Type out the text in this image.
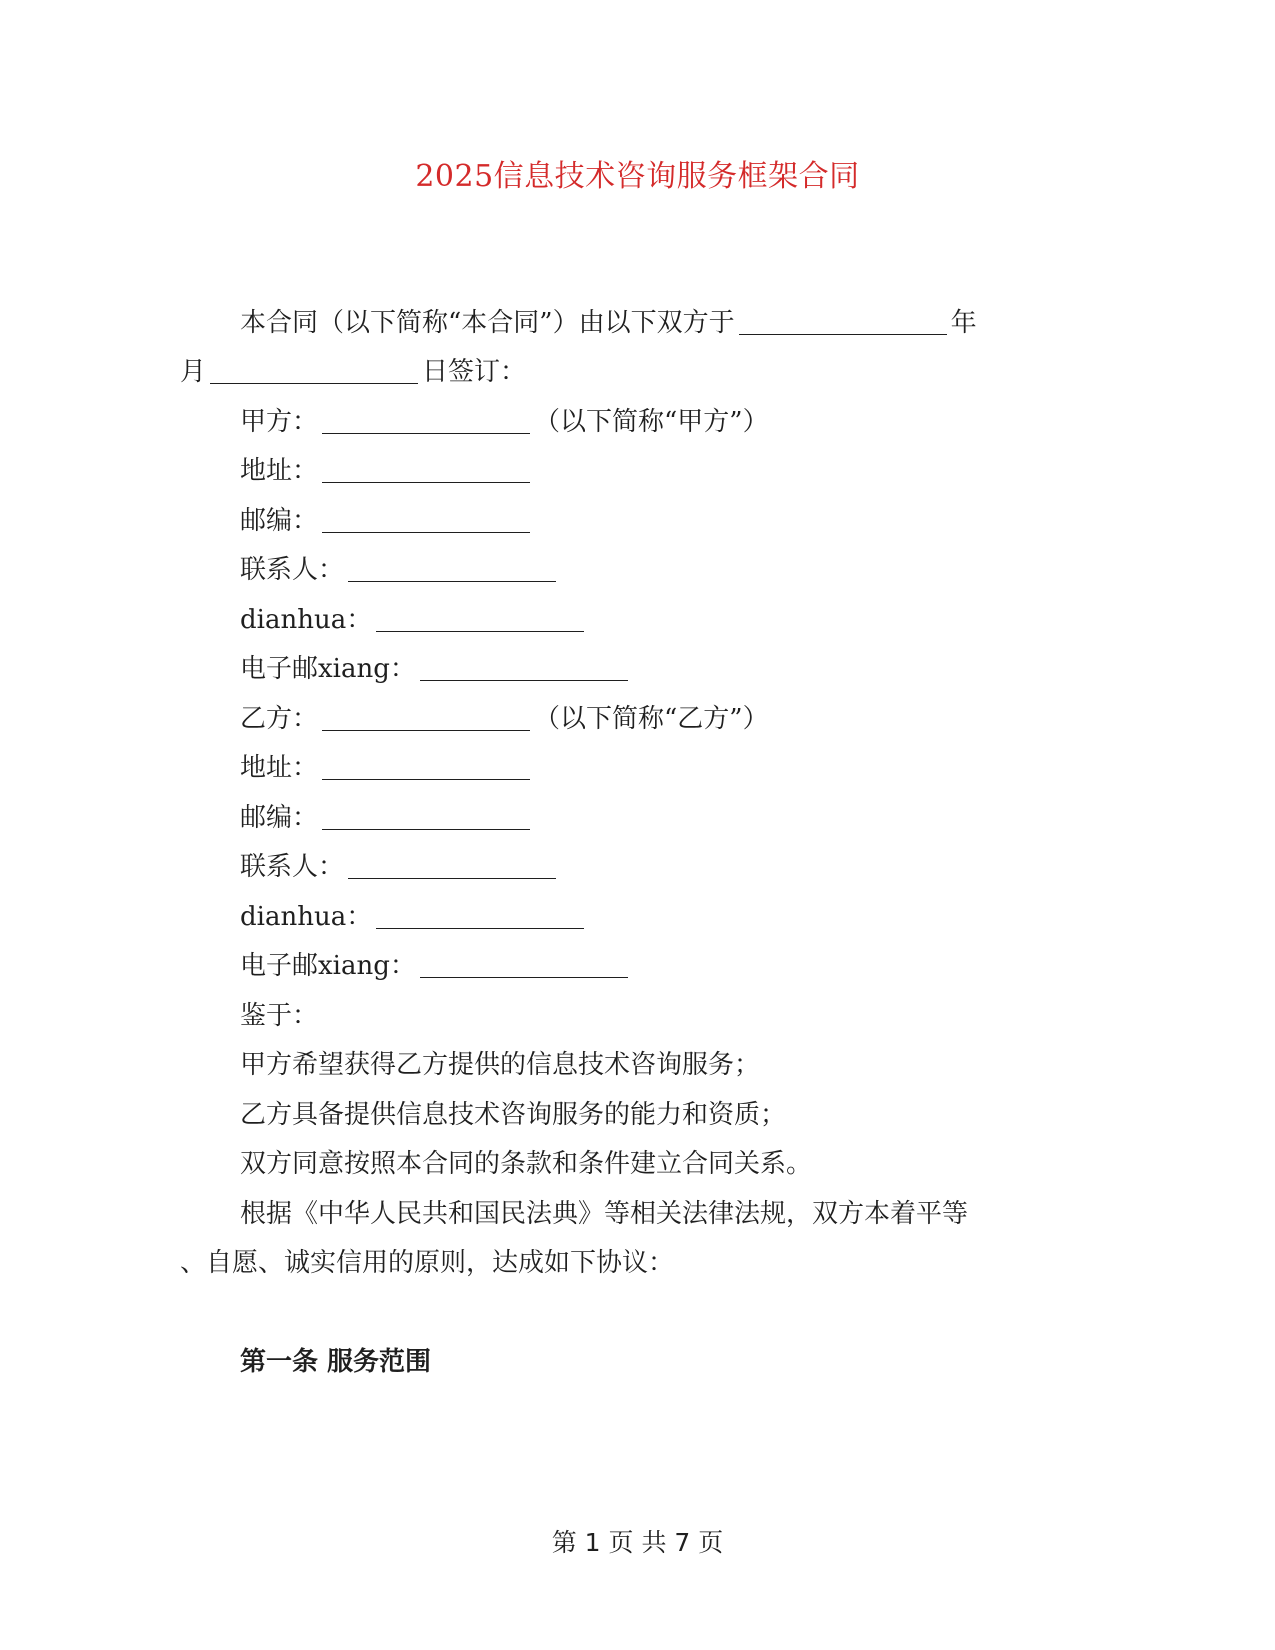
2025信息技术咨询服务框架合同
本合同（以下简称“本合同”）由以下双方于	年
月	日签订：
甲方：	（以下简称“甲方”）
地址：
邮编：
联系人：
dianhua：
电子邮xiang：
乙方：	（以下简称“乙方”）
地址：
邮编：
联系人：
dianhua：
电子邮xiang：
鉴于：
甲方希望获得乙方提供的信息技术咨询服务；
乙方具备提供信息技术咨询服务的能力和资质；
双方同意按照本合同的条款和条件建立合同关系。
根据《中华人民共和国民法典》等相关法律法规，双方本着平等
、自愿、诚实信用的原则，达成如下协议：
第一条 服务范围
第 1 页 共 7 页
